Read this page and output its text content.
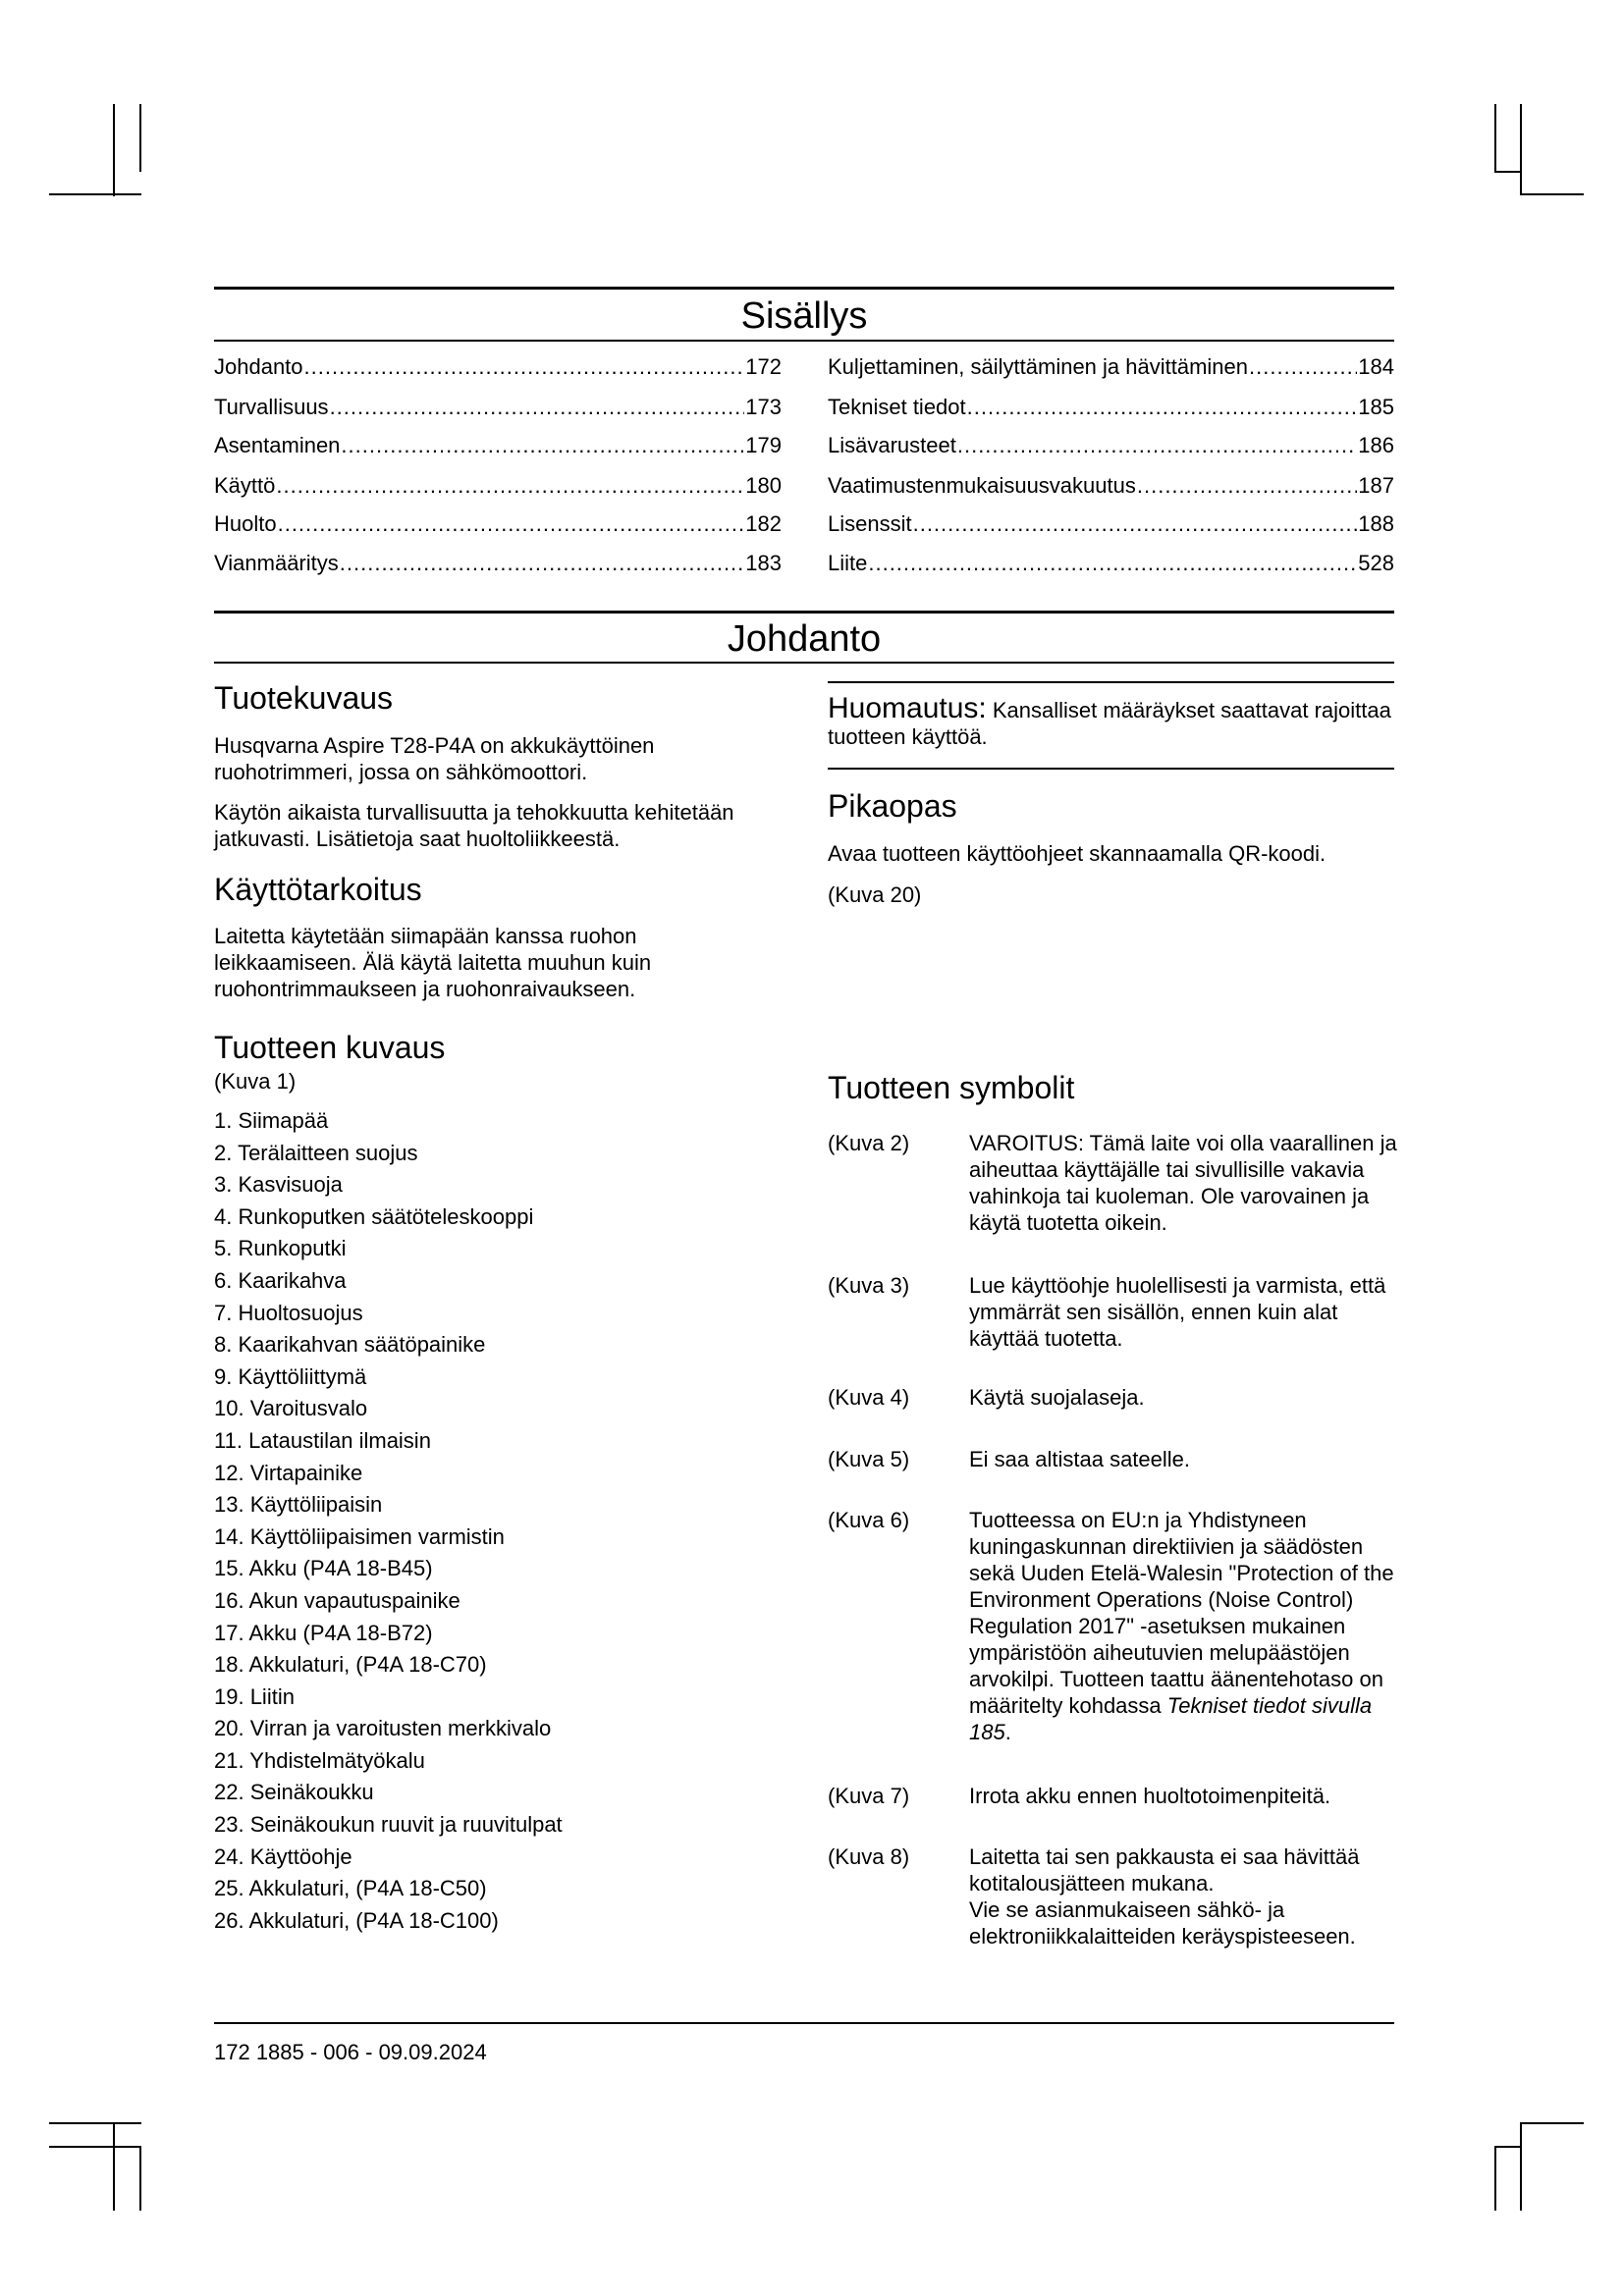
Sisällys
Johdanto .....	172
Turvallisuus .....	173
Asentaminen .....	179
Käyttö .....	180
Huolto .....	182
Vianmääritys .....	183
Kuljettaminen, säilyttäminen ja hävittäminen .....	184
Tekniset tiedot .....	185
Lisävarusteet .....	186
Vaatimustenmukaisuusvakuutus .....	187
Lisenssit .....	188
Liite .....	528
Johdanto
Tuotekuvaus
Husqvarna Aspire T28-P4A on akkukäyttöinen ruohotrimmeri, jossa on sähkömoottori.
Käytön aikaista turvallisuutta ja tehokkuutta kehitetään jatkuvasti. Lisätietoja saat huoltoliikkeestä.
Käyttötarkoitus
Laitetta käytetään siimapään kanssa ruohon leikkaamiseen. Älä käytä laitetta muuhun kuin ruohontrimmaukseen ja ruohonraivaukseen.
Tuotteen kuvaus
(Kuva 1)
1. Siimapää
2. Terälaitteen suojus
3. Kasvisuoja
4. Runkoputken säätöteleskooppi
5. Runkoputki
6. Kaarikahva
7. Huoltosuojus
8. Kaarikahvan säätöpainike
9. Käyttöliittymä
10. Varoitusvalo
11. Lataustilan ilmaisin
12. Virtapainike
13. Käyttöliipaisin
14. Käyttöliipaisimen varmistin
15. Akku (P4A 18-B45)
16. Akun vapautuspainike
17. Akku (P4A 18-B72)
18. Akkulaturi, (P4A 18-C70)
19. Liitin
20. Virran ja varoitusten merkkivalo
21. Yhdistelmätyökalu
22. Seinäkoukku
23. Seinäkoukun ruuvit ja ruuvitulpat
24. Käyttöohje
25. Akkulaturi, (P4A 18-C50)
26. Akkulaturi, (P4A 18-C100)
Huomautus: Kansalliset määräykset saattavat rajoittaa tuotteen käyttöä.
Pikaopas
Avaa tuotteen käyttöohjeet skannaamalla QR-koodi.
(Kuva 20)
Tuotteen symbolit
(Kuva 2)	VAROITUS: Tämä laite voi olla vaarallinen ja aiheuttaa käyttäjälle tai sivullisille vakavia vahinkoja tai kuoleman. Ole varovainen ja käytä tuotetta oikein.
(Kuva 3)	Lue käyttöohje huolellisesti ja varmista, että ymmärrät sen sisällön, ennen kuin alat käyttää tuotetta.
(Kuva 4)	Käytä suojalaseja.
(Kuva 5)	Ei saa altistaa sateelle.
(Kuva 6)	Tuotteessa on EU:n ja Yhdistyneen kuningaskunnan direktiivien ja säädösten sekä Uuden Etelä-Walesin "Protection of the Environment Operations (Noise Control) Regulation 2017" -asetuksen mukainen ympäristöön aiheutuvien melupäästöjen arvokilpi. Tuotteen taattu äänentehotaso on määritelty kohdassa Tekniset tiedot sivulla 185.
(Kuva 7)	Irrota akku ennen huoltotoimenpiteitä.
(Kuva 8)	Laitetta tai sen pakkausta ei saa hävittää kotitalousjätteen mukana.
Vie se asianmukaiseen sähkö- ja elektroniikkalaitteiden keräyspisteeseen.
172 1885 - 006 - 09.09.2024
